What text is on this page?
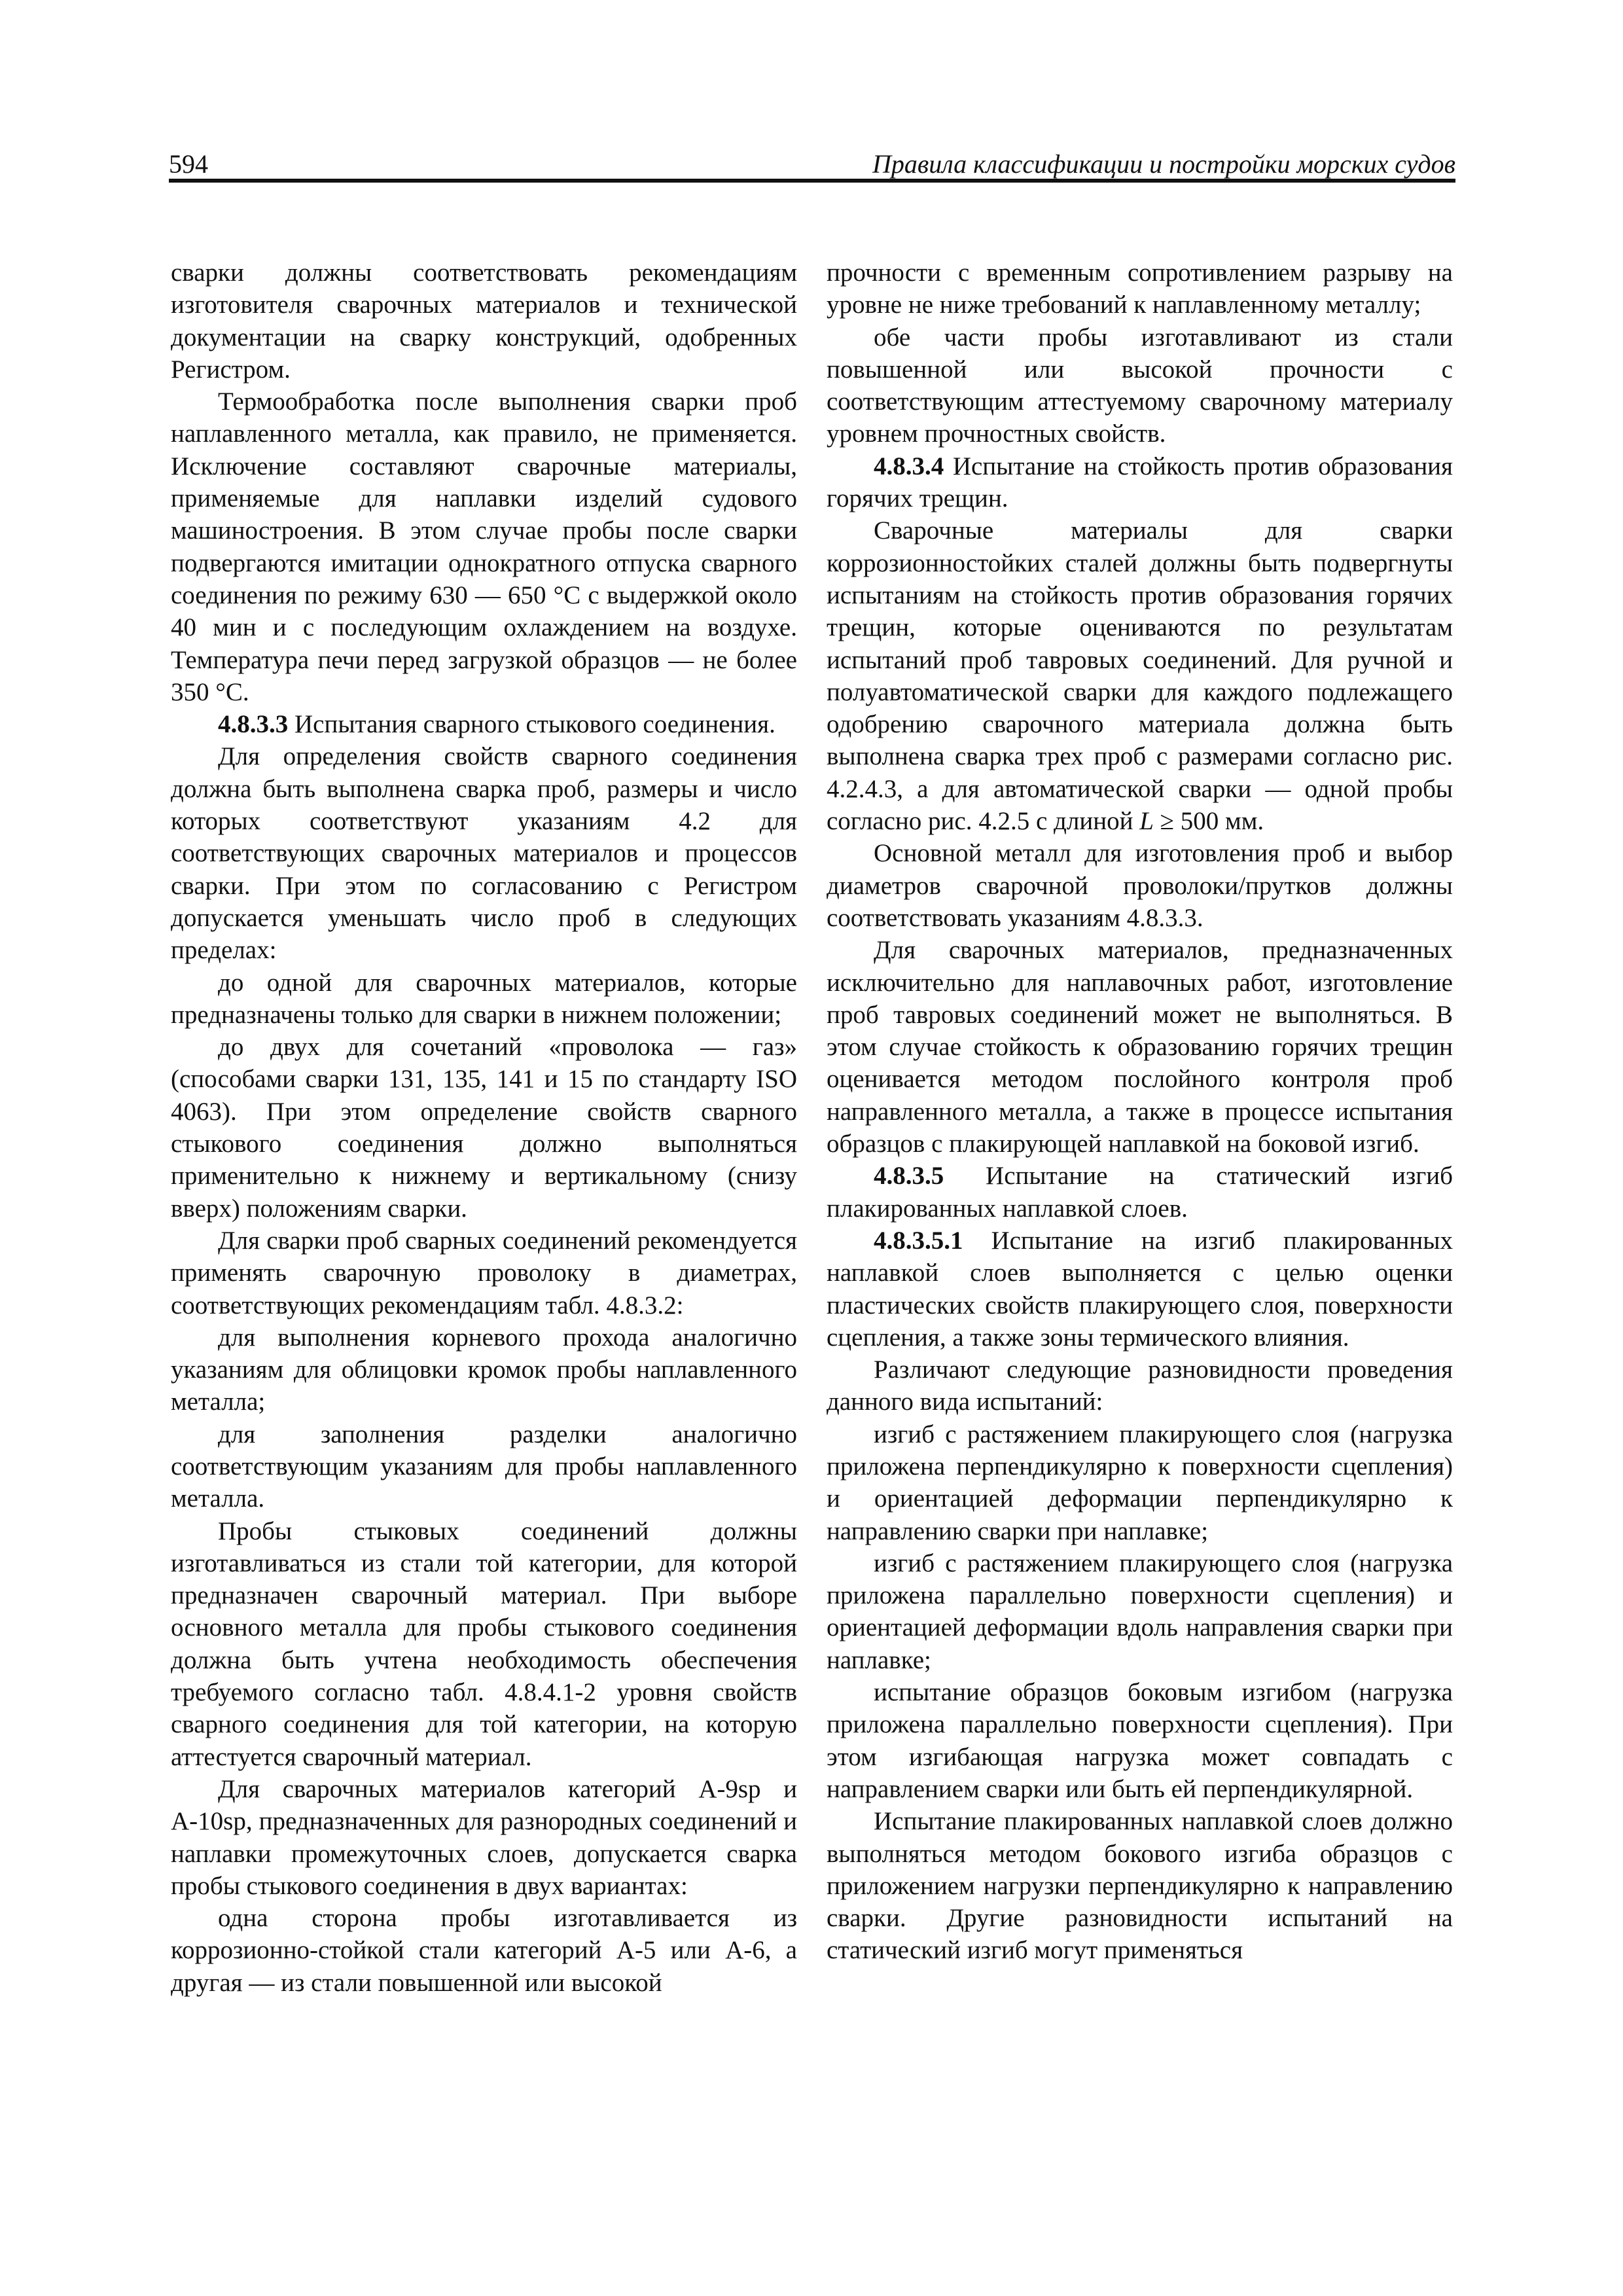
594	Правила классификации и постройки морских судов

сварки должны соответствовать рекомендациям изготовителя сварочных материалов и технической документации на сварку конструкций, одобренных Регистром.

Термообработка после выполнения сварки проб наплавленного металла, как правило, не применяется. Исключение составляют сварочные материалы, применяемые для наплавки изделий судового машиностроения. В этом случае пробы после сварки подвергаются имитации однократного отпуска сварного соединения по режиму 630 — 650 °С с выдержкой около 40 мин и с последующим охлаждением на воздухе. Температура печи перед загрузкой образцов — не более 350 °С.

4.8.3.3 Испытания сварного стыкового соединения.

Для определения свойств сварного соединения должна быть выполнена сварка проб, размеры и число которых соответствуют указаниям 4.2 для соответствующих сварочных материалов и процессов сварки. При этом по согласованию с Регистром допускается уменьшать число проб в следующих пределах:

до одной для сварочных материалов, которые предназначены только для сварки в нижнем положении;

до двух для сочетаний «проволока — газ» (способами сварки 131, 135, 141 и 15 по стандарту ISO 4063). При этом определение свойств сварного стыкового соединения должно выполняться применительно к нижнему и вертикальному (снизу вверх) положениям сварки.

Для сварки проб сварных соединений рекомендуется применять сварочную проволоку в диаметрах, соответствующих рекомендациям табл. 4.8.3.2:

для выполнения корневого прохода аналогично указаниям для облицовки кромок пробы наплавленного металла;

для заполнения разделки аналогично соответствующим указаниям для пробы наплавленного металла.

Пробы стыковых соединений должны изготавливаться из стали той категории, для которой предназначен сварочный материал. При выборе основного металла для пробы стыкового соединения должна быть учтена необходимость обеспечения требуемого согласно табл. 4.8.4.1-2 уровня свойств сварного соединения для той категории, на которую аттестуется сварочный материал.

Для сварочных материалов категорий А-9sp и А-10sp, предназначенных для разнородных соединений и наплавки промежуточных слоев, допускается сварка пробы стыкового соединения в двух вариантах:

одна сторона пробы изготавливается из коррозионно-стойкой стали категорий А-5 или А-6, а другая — из стали повышенной или высокой

прочности с временным сопротивлением разрыву на уровне не ниже требований к наплавленному металлу;

обе части пробы изготавливают из стали повышенной или высокой прочности с соответствующим аттестуемому сварочному материалу уровнем прочностных свойств.

4.8.3.4 Испытание на стойкость против образования горячих трещин.

Сварочные материалы для сварки коррозионностойких сталей должны быть подвергнуты испытаниям на стойкость против образования горячих трещин, которые оцениваются по результатам испытаний проб тавровых соединений. Для ручной и полуавтоматической сварки для каждого подлежащего одобрению сварочного материала должна быть выполнена сварка трех проб с размерами согласно рис. 4.2.4.3, а для автоматической сварки — одной пробы согласно рис. 4.2.5 с длиной L ≥ 500 мм.

Основной металл для изготовления проб и выбор диаметров сварочной проволоки/прутков должны соответствовать указаниям 4.8.3.3.

Для сварочных материалов, предназначенных исключительно для наплавочных работ, изготовление проб тавровых соединений может не выполняться. В этом случае стойкость к образованию горячих трещин оценивается методом послойного контроля проб направленного металла, а также в процессе испытания образцов с плакирующей наплавкой на боковой изгиб.

4.8.3.5 Испытание на статический изгиб плакированных наплавкой слоев.

4.8.3.5.1 Испытание на изгиб плакированных наплавкой слоев выполняется с целью оценки пластических свойств плакирующего слоя, поверхности сцепления, а также зоны термического влияния.

Различают следующие разновидности проведения данного вида испытаний:

изгиб с растяжением плакирующего слоя (нагрузка приложена перпендикулярно к поверхности сцепления) и ориентацией деформации перпендикулярно к направлению сварки при наплавке;

изгиб с растяжением плакирующего слоя (нагрузка приложена параллельно поверхности сцепления) и ориентацией деформации вдоль направления сварки при наплавке;

испытание образцов боковым изгибом (нагрузка приложена параллельно поверхности сцепления). При этом изгибающая нагрузка может совпадать с направлением сварки или быть ей перпендикулярной.

Испытание плакированных наплавкой слоев должно выполняться методом бокового изгиба образцов с приложением нагрузки перпендикулярно к направлению сварки. Другие разновидности испытаний на статический изгиб могут применяться
